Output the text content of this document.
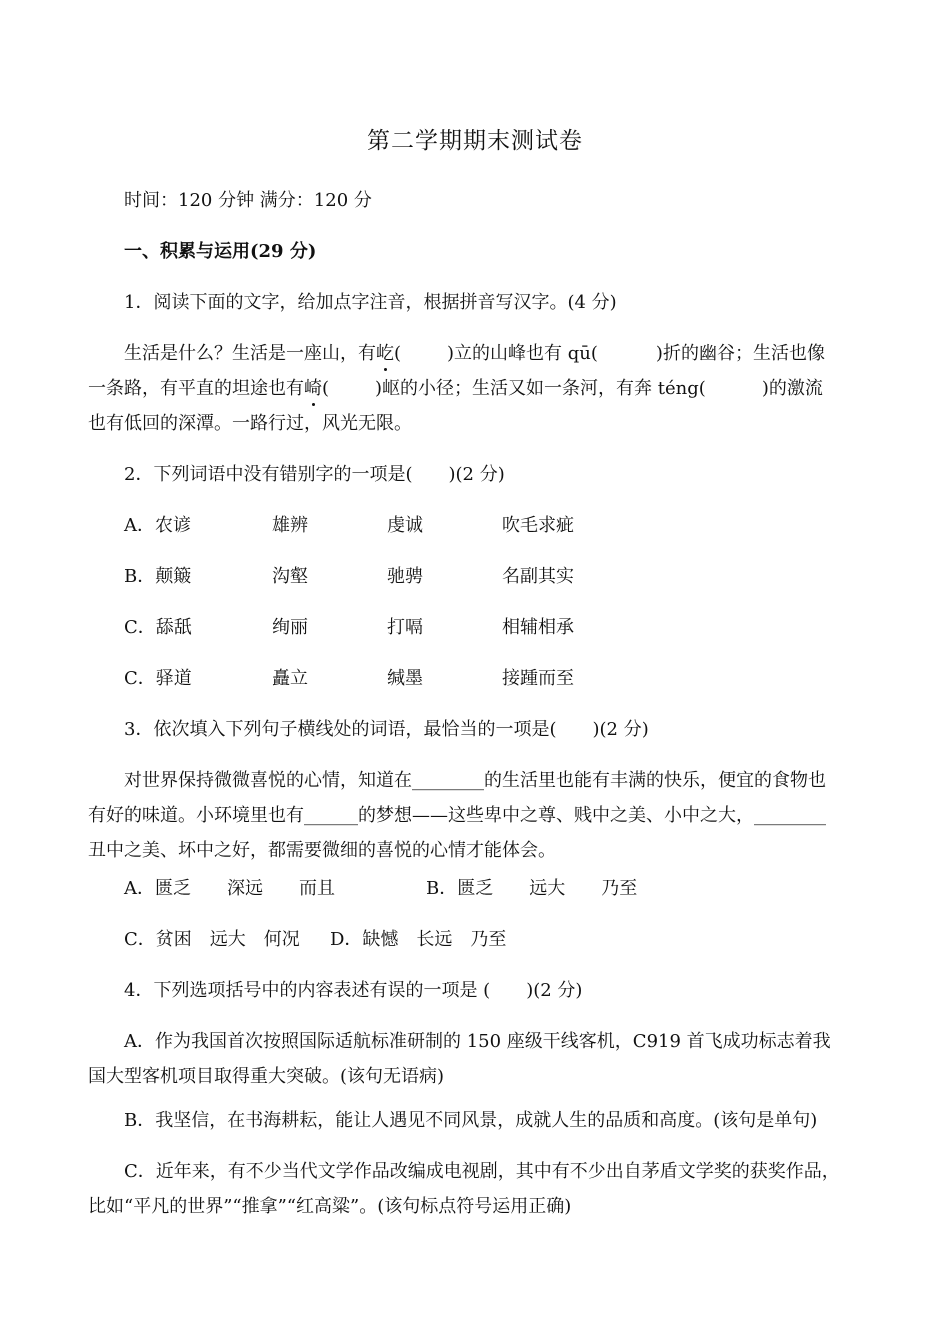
第二学期期末测试卷
时间：120 分钟 满分：120 分
一、积累与运用(29 分)
1．阅读下面的文字，给加点字注音，根据拼音写汉字。(4 分)
生活是什么？生活是一座山，有屹(	)立的山峰也有 qū(	)折的幽谷；生活也像
一条路，有平直的坦途也有崎(	)岖的小径；生活又如一条河，有奔 téng(	)的激流
也有低回的深潭。一路行过，风光无限。
2．下列词语中没有错别字的一项是(　　)(2 分)
A．农谚	雄辨	虔诚	吹毛求疵
B．颠簸	沟壑	驰骋	名副其实
C．舔舐	绚丽	打嗝	相辅相承
C．驿道	矗立	缄墨	接踵而至
3．依次填入下列句子横线处的词语，最恰当的一项是(　　)(2 分)
对世界保持微微喜悦的心情，知道在________的生活里也能有丰满的快乐，便宜的食物也
有好的味道。小环境里也有______的梦想——这些卑中之尊、贱中之美、小中之大，________
丑中之美、坏中之好，都需要微细的喜悦的心情才能体会。
A．匮乏　　深远　　而且	B．匮乏　　远大　　乃至
C．贫困　远大　何况 D．缺憾　长远　乃至
4．下列选项括号中的内容表述有误的一项是 (　　)(2 分)
A．作为我国首次按照国际适航标准研制的 150 座级干线客机，C919 首飞成功标志着我
国大型客机项目取得重大突破。(该句无语病)
B．我坚信，在书海耕耘，能让人遇见不同风景，成就人生的品质和高度。(该句是单句)
C．近年来，有不少当代文学作品改编成电视剧，其中有不少出自茅盾文学奖的获奖作品，
比如“平凡的世界”“推拿”“红高粱”。(该句标点符号运用正确)
